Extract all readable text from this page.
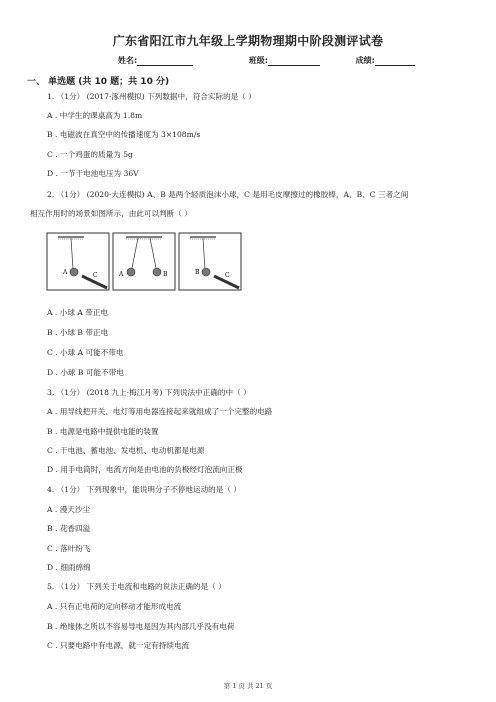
广东省阳江市九年级上学期物理期中阶段测评试卷
姓名:	班级:	成绩:
一、 单选题 (共 10 题；共 10 分)
1. （1分） (2017·涿州模拟) 下列数据中，符合实际的是（ ）
A . 中学生的课桌高为 1.8m
B . 电磁波在真空中的传播速度为 3×108m/s
C . 一个鸡蛋的质量为 5g
D . 一节干电池电压为 36V
2. （1分） (2020·大连模拟) A、B 是两个轻质泡沫小球，C 是用毛皮摩擦过的橡胶棒，A、B、C 三者之间
相互作用时的场景如图所示，由此可以判断（ ）
A	C	A	B	B	C
A . 小球 A 带正电
B . 小球 B 带正电
C . 小球 A 可能不带电
D . 小球 B 可能不带电
3. （1分） (2018 九上·梅江月考) 下列说法中正确的中（ ）
A . 用导线把开关、电灯等用电器连接起来就组成了一个完整的电路
B . 电源是电路中提供电能的装置
C . 干电池、蓄电池、发电机、电动机都是电源
D . 用手电筒时，电流方向是由电池的负极经灯泡流向正极
4. （1分） 下列现象中，能说明分子不停地运动的是（ ）
A . 漫天沙尘
B . 花香四溢
C . 落叶纷飞
D . 细雨绵绵
5. （1分） 下列关于电流和电路的说法正确的是（ ）
A . 只有正电荷的定向移动才能形成电流
B . 绝缘体之所以不容易导电是因为其内部几乎没有电荷
C . 只要电路中有电源，就一定有持续电流
第 1 页 共 21 页
